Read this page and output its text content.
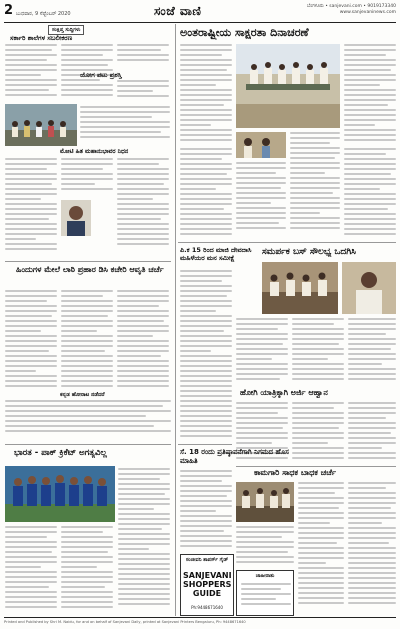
2 ಬುಧವಾರ, 9 ಸೆಪ್ಟೆಂಬರ್ 2020	ಸಂಜೆ ವಾಣಿ	ಬೆಂಗಳೂರು • sanjevani.com • 9019173340
www.sanjevaninews.com
ಸಂಕ್ಷಿಪ್ತ ಸುದ್ದಿಗಳು
ಸರ್ಕಾರಿ ಶಾಲೆಗಳ ಸಬಲೀಕರಣ
ಯೋಗ ಪಟು ಪ್ರಶಸ್ತಿ
ಮೋಟಿ ಹಿತ ಮಹಾನುಭಾವರ ನಿಧನ
ಹಿಂದುಗಳ ಮೇಲೆ ಲಾಠಿ ಪ್ರಹಾರ ಡಿಸಿ ಕಚೇರಿ ಆವೃತಿ ಚರ್ಚೆ
ಕನ್ನಡ ಹೋರಾಟ ನಡೆದರೆ
ಭಾರತ - ಪಾಕ್ ಕ್ರಿಕೆಟ್ ಅಗತ್ಯವಿಲ್ಲ
ಅಂತರಾಷ್ಟ್ರೀಯ ಸಾಕ್ಷರತಾ ದಿನಾಚರಣೆ
ಪಿ.ಕ 15 ರಿಂದ ಮಾಜಿ ದೇವದಾಸಿ ಮಹಿಳೆಯರ ಮನ ಸಮೀಕ್ಷೆ
ಸಮರ್ಪಕ ಬಸ್ ಸೌಲಭ್ಯ ಒದಗಿಸಿ
ಹೋಗಿ ಯಾತ್ರಿಕ್ಕಾಗಿ ಅರ್ಜಿ ಆಹ್ವಾನ
ಕಾಮಗಾರಿ ಸಾಧಕ ಬಾಧಕ ಚರ್ಚೆ
ಸೆ. 18 ರಂದು ಪ್ರತಿಷ್ಠಾಪನೆಗಾಗಿ ನಿಗಮದ ಹೊಸ ಮಾಹಿತಿ
ಸಂಜೀವನಿ ಶಾಪರ್ಸ್ ಗೈಡ್
SANJEVANI SHOPPERS GUIDE
Ph:9448671640
ಜಾಹೀರಾತು
Printed and Published by Shri M. Naidu, for and on behalf of Sanjevani Daily, printed at Sanjevani Printers Bengaluru, Ph: 9448671640
